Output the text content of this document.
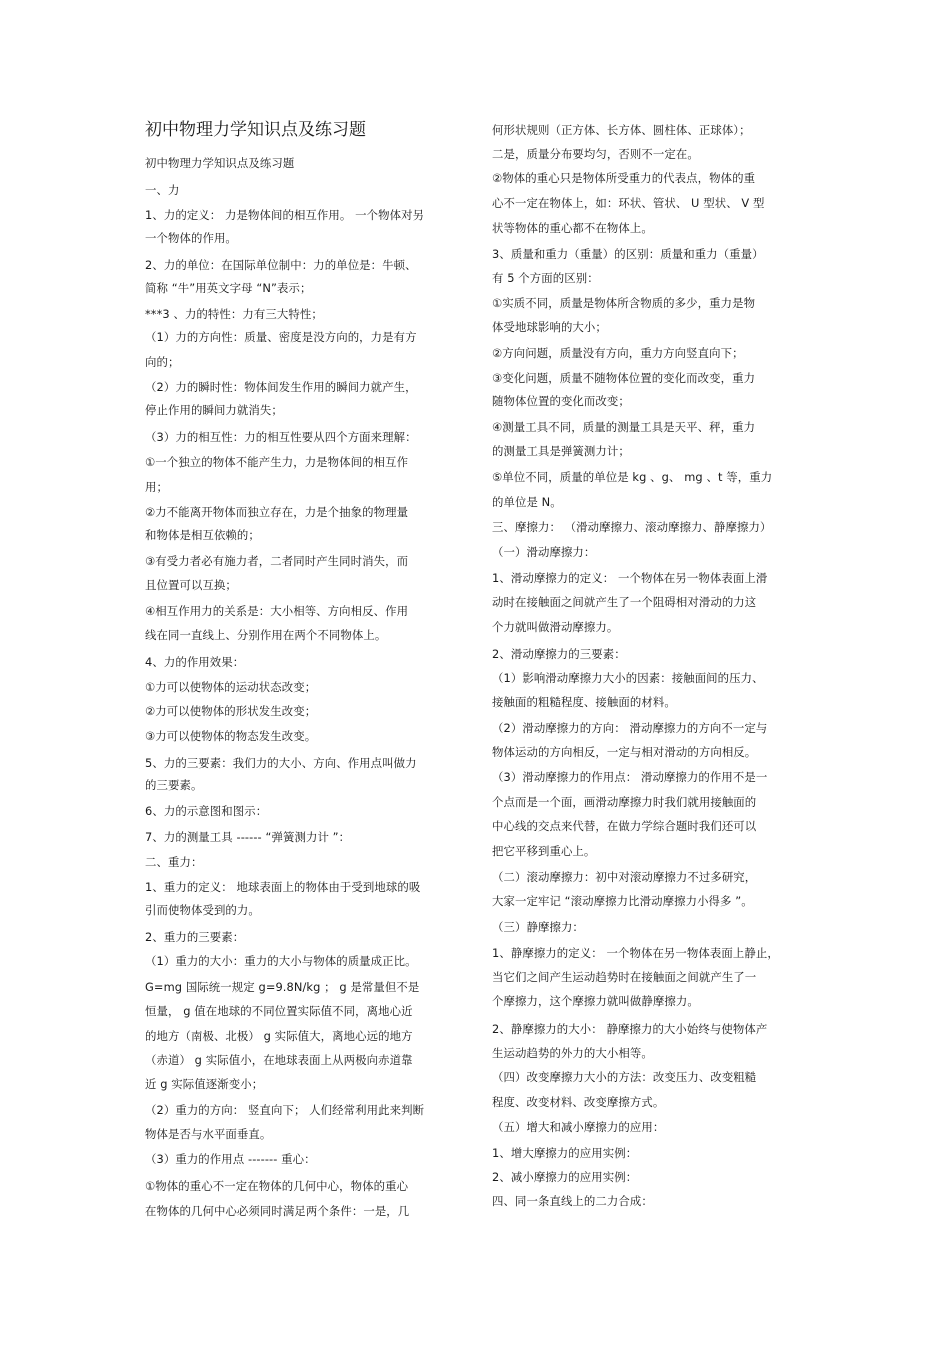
初中物理力学知识点及练习题
初中物理力学知识点及练习题
一、力
1、力的定义： 力是物体间的相互作用。 一个物体对另
一个物体的作用。
2、力的单位：在国际单位制中：力的单位是：牛顿、
简称 “牛”用英文字母 “N”表示；
***3 、力的特性：力有三大特性；
（1）力的方向性：质量、密度是没方向的，力是有方
向的；
（2）力的瞬时性：物体间发生作用的瞬间力就产生，
停止作用的瞬间力就消失；
（3）力的相互性：力的相互性要从四个方面来理解：
①一个独立的物体不能产生力，力是物体间的相互作
用；
②力不能离开物体而独立存在，力是个抽象的物理量
和物体是相互依赖的；
③有受力者必有施力者，二者同时产生同时消失，而
且位置可以互换；
④相互作用力的关系是：大小相等、方向相反、作用
线在同一直线上、分别作用在两个不同物体上。
4、力的作用效果：
①力可以使物体的运动状态改变；
②力可以使物体的形状发生改变；
③力可以使物体的物态发生改变。
5、力的三要素：我们力的大小、方向、作用点叫做力
的三要素。
6、力的示意图和图示：
7、力的测量工具 ------ “弹簧测力计 ”：
二、重力：
1、重力的定义： 地球表面上的物体由于受到地球的吸
引而使物体受到的力。
2、重力的三要素：
（1）重力的大小：重力的大小与物体的质量成正比。
G=mg 国际统一规定 g=9.8N/kg ； g 是常量但不是
恒量， g 值在地球的不同位置实际值不同，离地心近
的地方（南极、北极） g 实际值大，离地心远的地方
（赤道） g 实际值小，在地球表面上从两极向赤道靠
近 g 实际值逐渐变小；
（2）重力的方向： 竖直向下； 人们经常利用此来判断
物体是否与水平面垂直。
（3）重力的作用点 ------- 重心：
①物体的重心不一定在物体的几何中心，物体的重心
在物体的几何中心必须同时满足两个条件：一是，几
何形状规则（正方体、长方体、圆柱体、正球体）；
二是，质量分布要均匀，否则不一定在。
②物体的重心只是物体所受重力的代表点，物体的重
心不一定在物体上，如：环状、管状、 U 型状、 V 型
状等物体的重心都不在物体上。
3、质量和重力（重量）的区别：质量和重力（重量）
有 5 个方面的区别：
①实质不同，质量是物体所含物质的多少，重力是物
体受地球影响的大小；
②方向问题，质量没有方向，重力方向竖直向下；
③变化问题，质量不随物体位置的变化而改变，重力
随物体位置的变化而改变；
④测量工具不同，质量的测量工具是天平、秤，重力
的测量工具是弹簧测力计；
⑤单位不同，质量的单位是 kg 、g、 mg 、t 等，重力
的单位是 N。
三、摩擦力： （滑动摩擦力、滚动摩擦力、静摩擦力）
（一）滑动摩擦力：
1、滑动摩擦力的定义： 一个物体在另一物体表面上滑
动时在接触面之间就产生了一个阻碍相对滑动的力这
个力就叫做滑动摩擦力。
2、滑动摩擦力的三要素：
（1）影响滑动摩擦力大小的因素：接触面间的压力、
接触面的粗糙程度、接触面的材料。
（2）滑动摩擦力的方向： 滑动摩擦力的方向不一定与
物体运动的方向相反，一定与相对滑动的方向相反。
（3）滑动摩擦力的作用点： 滑动摩擦力的作用不是一
个点而是一个面，画滑动摩擦力时我们就用接触面的
中心线的交点来代替，在做力学综合题时我们还可以
把它平移到重心上。
（二）滚动摩擦力：初中对滚动摩擦力不过多研究，
大家一定牢记 “滚动摩擦力比滑动摩擦力小得多 ”。
（三）静摩擦力：
1、静摩擦力的定义： 一个物体在另一物体表面上静止，
当它们之间产生运动趋势时在接触面之间就产生了一
个摩擦力，这个摩擦力就叫做静摩擦力。
2、静摩擦力的大小： 静摩擦力的大小始终与使物体产
生运动趋势的外力的大小相等。
（四）改变摩擦力大小的方法：改变压力、改变粗糙
程度、改变材料、改变摩擦方式。
（五）增大和减小摩擦力的应用：
1、增大摩擦力的应用实例：
2、减小摩擦力的应用实例：
四、同一条直线上的二力合成：
